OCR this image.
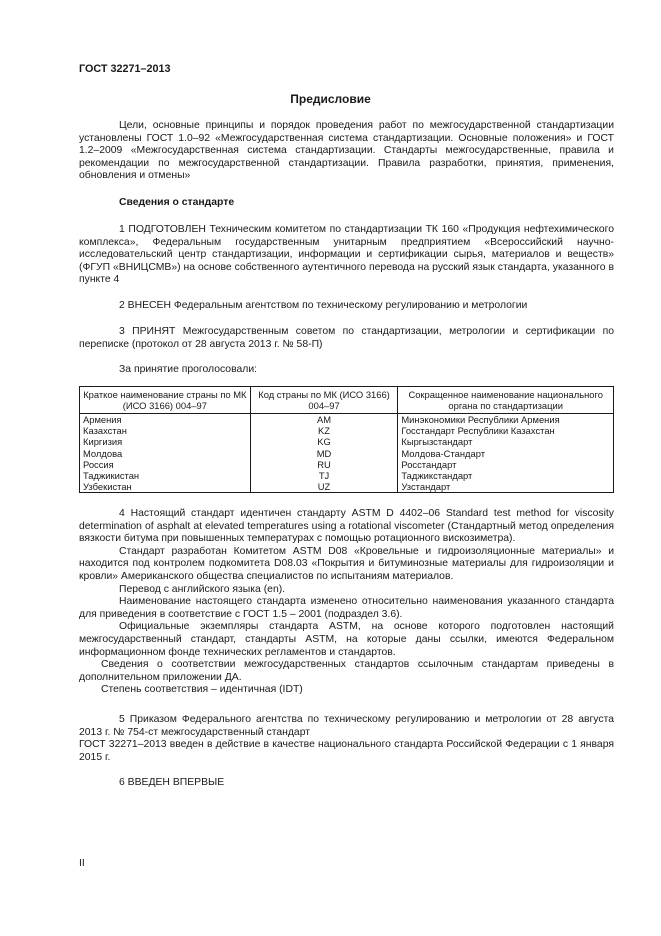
ГОСТ 32271–2013
Предисловие

Цели, основные принципы и порядок проведения работ по межгосударственной стандартизации установлены ГОСТ 1.0–92 «Межгосударственная система стандартизации. Основные положения» и ГОСТ 1.2–2009 «Межгосударственная система стандартизации. Стандарты межгосударственные, правила и рекомендации по межгосударственной стандартизации. Правила разработки, принятия, применения, обновления и отмены»

Сведения о стандарте

1 ПОДГОТОВЛЕН Техническим комитетом по стандартизации ТК 160 «Продукция нефтехимического комплекса», Федеральным государственным унитарным предприятием «Всероссийский научно-исследовательский центр стандартизации, информации и сертификации сырья, материалов и веществ» (ФГУП «ВНИЦСМВ») на основе собственного аутентичного перевода на русский язык стандарта, указанного в пункте 4

2 ВНЕСЕН Федеральным агентством по техническому регулированию и метрологии

3 ПРИНЯТ Межгосударственным советом по стандартизации, метрологии и сертификации по переписке (протокол от 28 августа 2013 г. № 58-П)

За принятие проголосовали:

Краткое наименование страны по МК (ИСО 3166) 004–97	Код страны по МК (ИСО 3166) 004–97	Сокращенное наименование национального органа по стандартизации
Армения	AM	Минэкономики Республики Армения
Казахстан	KZ	Госстандарт Республики Казахстан
Киргизия	KG	Кыргызстандарт
Молдова	MD	Молдова-Стандарт
Россия	RU	Росстандарт
Таджикистан	TJ	Таджикстандарт
Узбекистан	UZ	Узстандарт

4 Настоящий стандарт идентичен стандарту ASTM D 4402–06 Standard test method for viscosity determination of asphalt at elevated temperatures using a rotational viscometer (Стандартный метод определения вязкости битума при повышенных температурах с помощью ротационного вискозиметра).

Стандарт разработан Комитетом ASTM D08 «Кровельные и гидроизоляционные материалы» и находится под контролем подкомитета D08.03 «Покрытия и битуминозные материалы для гидроизоляции и кровли» Американского общества специалистов по испытаниям материалов.

Перевод с английского языка (en).

Наименование настоящего стандарта изменено относительно наименования указанного стандарта для приведения в соответствие с ГОСТ 1.5 – 2001 (подраздел 3.6).

Официальные экземпляры стандарта ASTM, на основе которого подготовлен настоящий межгосударственный стандарт, стандарты ASTM, на которые даны ссылки, имеются Федеральном информационном фонде технических регламентов и стандартов.

Сведения о соответствии межгосударственных стандартов ссылочным стандартам приведены в дополнительном приложении ДА.

Степень соответствия – идентичная (IDT)

5 Приказом Федерального агентства по техническому регулированию и метрологии от 28 августа 2013 г. № 754-ст межгосударственный стандарт

ГОСТ 32271–2013 введен в действие в качестве национального стандарта Российской Федерации с 1 января 2015 г.

6 ВВЕДЕН ВПЕРВЫЕ

II
